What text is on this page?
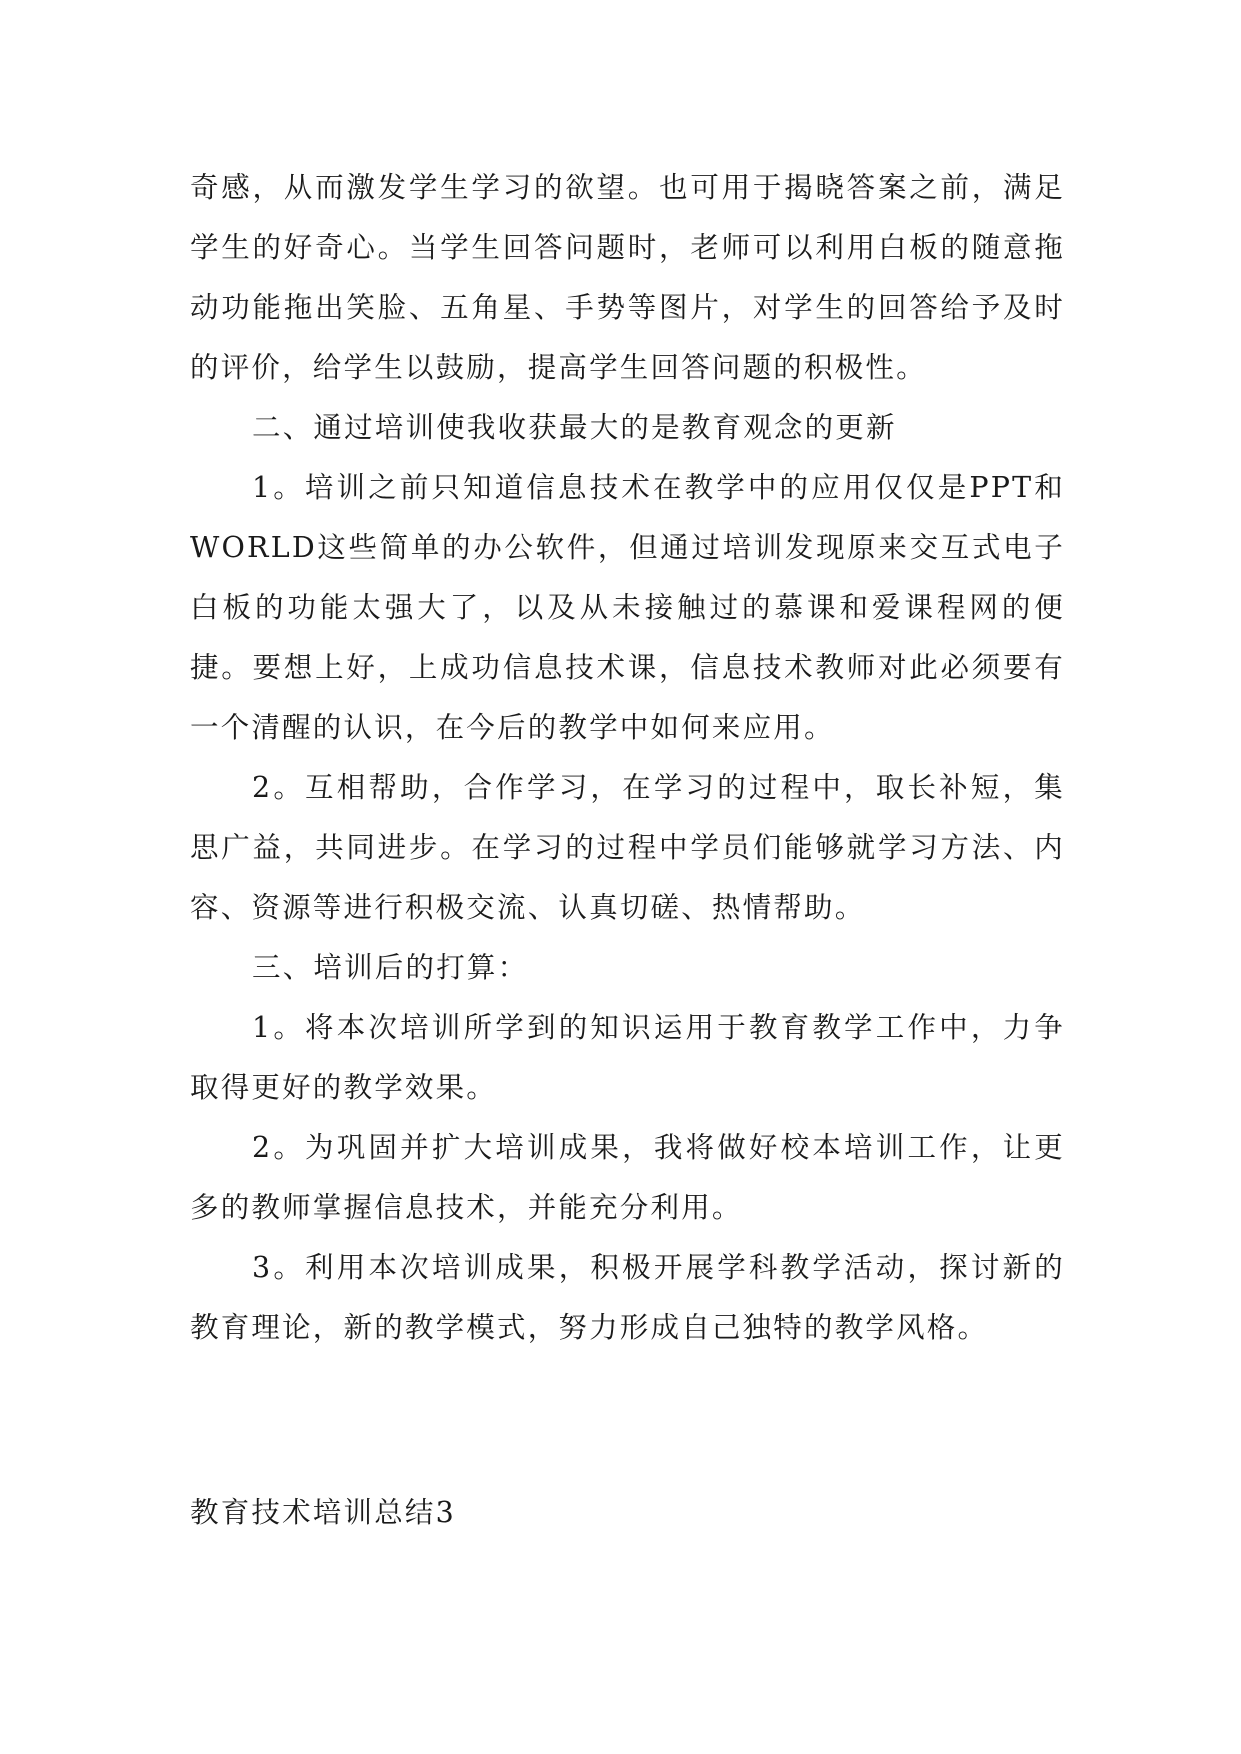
奇感，从而激发学生学习的欲望。也可用于揭晓答案之前，满足学生的好奇心。当学生回答问题时，老师可以利用白板的随意拖动功能拖出笑脸、五角星、手势等图片，对学生的回答给予及时的评价，给学生以鼓励，提高学生回答问题的积极性。

二、通过培训使我收获最大的是教育观念的更新

1。培训之前只知道信息技术在教学中的应用仅仅是PPT和WORLD这些简单的办公软件，但通过培训发现原来交互式电子白板的功能太强大了，以及从未接触过的慕课和爱课程网的便捷。要想上好，上成功信息技术课，信息技术教师对此必须要有一个清醒的认识，在今后的教学中如何来应用。

2。互相帮助，合作学习，在学习的过程中，取长补短，集思广益，共同进步。在学习的过程中学员们能够就学习方法、内容、资源等进行积极交流、认真切磋、热情帮助。

三、培训后的打算：

1。将本次培训所学到的知识运用于教育教学工作中，力争取得更好的教学效果。

2。为巩固并扩大培训成果，我将做好校本培训工作，让更多的教师掌握信息技术，并能充分利用。

3。利用本次培训成果，积极开展学科教学活动，探讨新的教育理论，新的教学模式，努力形成自己独特的教学风格。

教育技术培训总结3
